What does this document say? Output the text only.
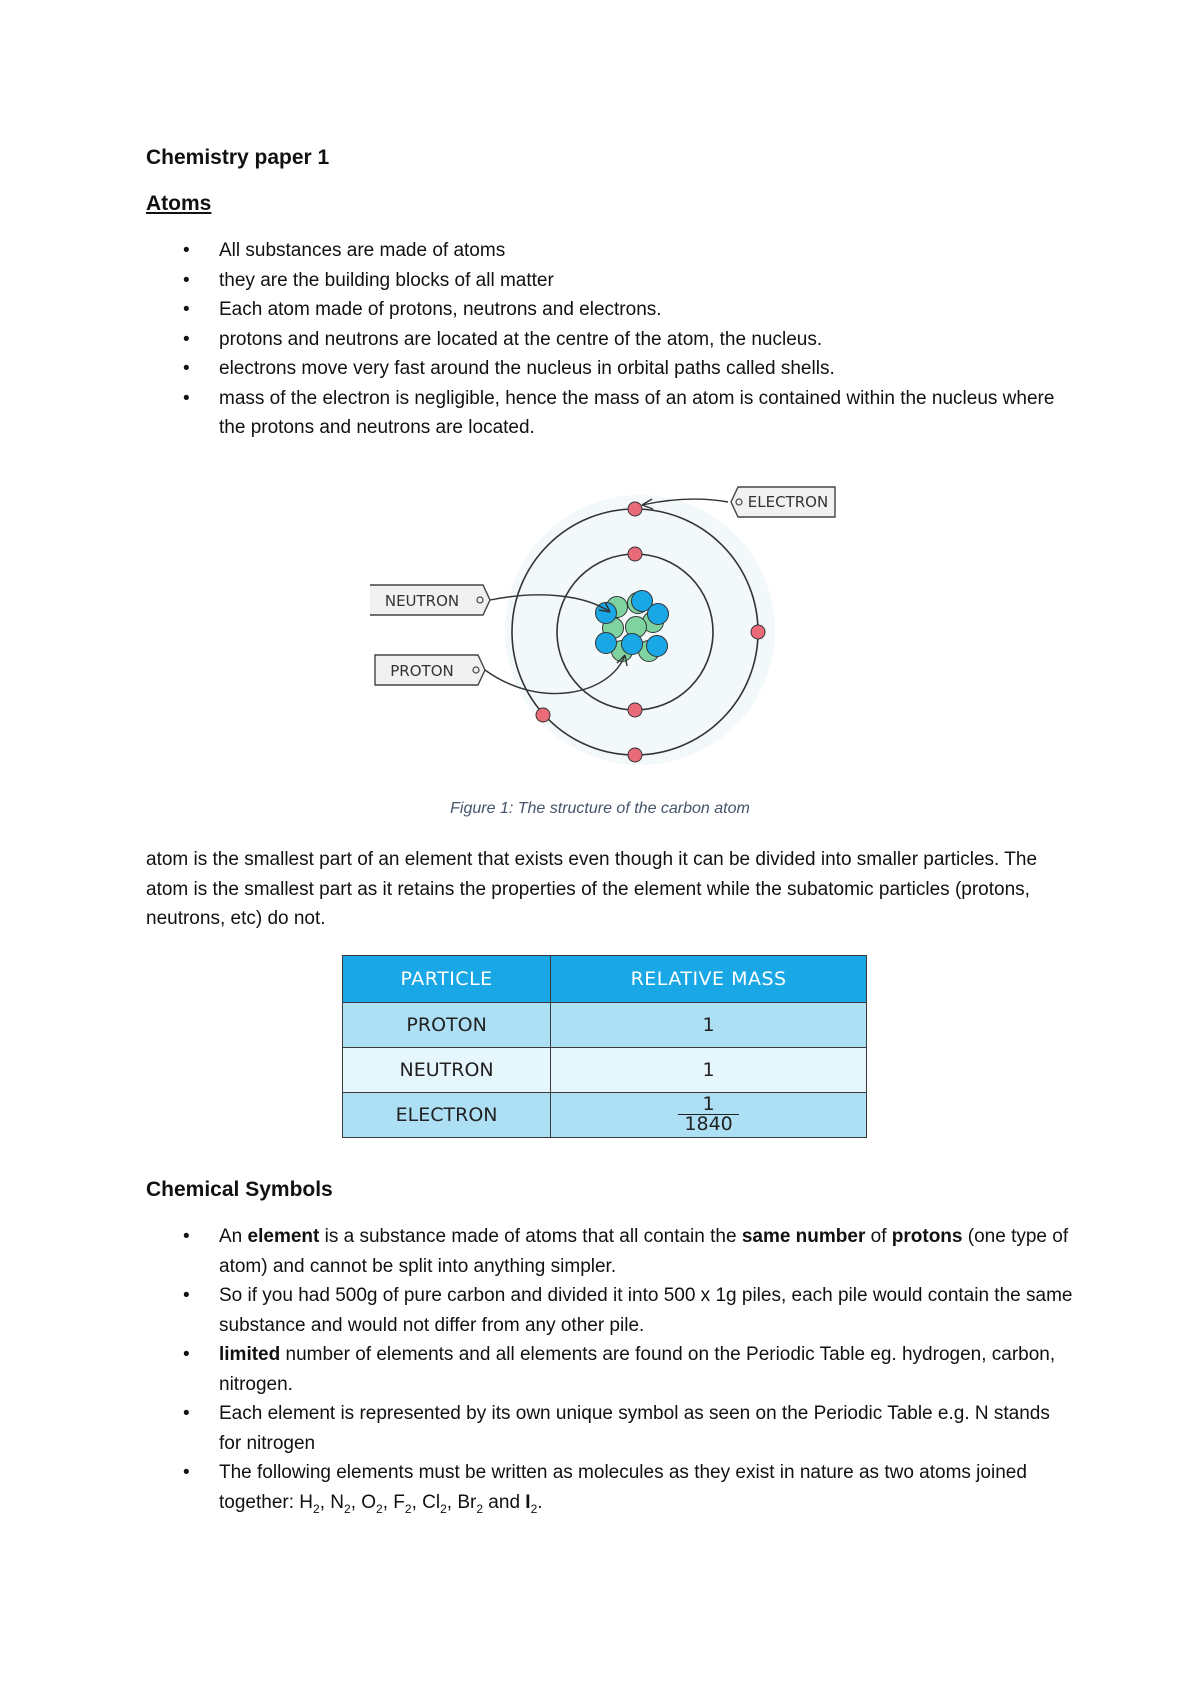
Chemistry paper 1
Atoms
• All substances are made of atoms
• they are the building blocks of all matter
• Each atom made of protons, neutrons and electrons.
• protons and neutrons are located at the centre of the atom, the nucleus.
• electrons move very fast around the nucleus in orbital paths called shells.
• mass of the electron is negligible, hence the mass of an atom is contained within the nucleus where the protons and neutrons are located.
ELECTRON
NEUTRON
PROTON

Figure 1: The structure of the carbon atom

atom is the smallest part of an element that exists even though it can be divided into smaller particles. The atom is the smallest part as it retains the properties of the element while the subatomic particles (protons, neutrons, etc) do not.

PARTICLE	RELATIVE MASS
PROTON	1
NEUTRON	1
ELECTRON	$\frac{1}{1840}$
Chemical Symbols
• An element is a substance made of atoms that all contain the same number of protons (one type of atom) and cannot be split into anything simpler.
• So if you had 500g of pure carbon and divided it into 500 x 1g piles, each pile would contain the same substance and would not differ from any other pile.
• limited number of elements and all elements are found on the Periodic Table eg. hydrogen, carbon, nitrogen.
• Each element is represented by its own unique symbol as seen on the Periodic Table e.g. N stands for nitrogen
• The following elements must be written as molecules as they exist in nature as two atoms joined together: $H_2$, $N_2$, $O_2$, $F_2$, $Cl_2$, $Br_2$ and $I_2$.
